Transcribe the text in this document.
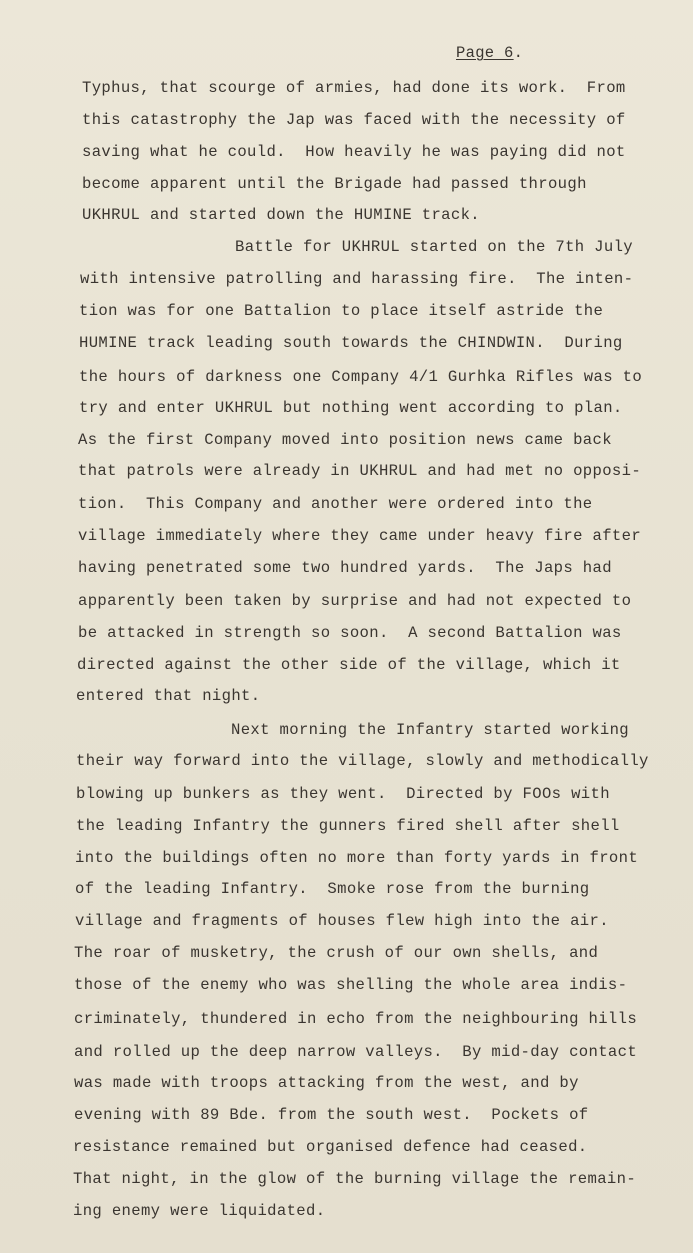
Page 6.
Typhus, that scourge of armies, had done its work.  From
this catastrophy the Jap was faced with the necessity of
saving what he could.  How heavily he was paying did not
become apparent until the Brigade had passed through
UKHRUL and started down the HUMINE track.
Battle for UKHRUL started on the 7th July
with intensive patrolling and harassing fire.  The inten-
tion was for one Battalion to place itself astride the
HUMINE track leading south towards the CHINDWIN.  During
the hours of darkness one Company 4/1 Gurhka Rifles was to
try and enter UKHRUL but nothing went according to plan.
As the first Company moved into position news came back
that patrols were already in UKHRUL and had met no opposi-
tion.  This Company and another were ordered into the
village immediately where they came under heavy fire after
having penetrated some two hundred yards.  The Japs had
apparently been taken by surprise and had not expected to
be attacked in strength so soon.  A second Battalion was
directed against the other side of the village, which it
entered that night.
Next morning the Infantry started working
their way forward into the village, slowly and methodically
blowing up bunkers as they went.  Directed by FOOs with
the leading Infantry the gunners fired shell after shell
into the buildings often no more than forty yards in front
of the leading Infantry.  Smoke rose from the burning
village and fragments of houses flew high into the air.
The roar of musketry, the crush of our own shells, and
those of the enemy who was shelling the whole area indis-
criminately, thundered in echo from the neighbouring hills
and rolled up the deep narrow valleys.  By mid-day contact
was made with troops attacking from the west, and by
evening with 89 Bde. from the south west.  Pockets of
resistance remained but organised defence had ceased.
That night, in the glow of the burning village the remain-
ing enemy were liquidated.
